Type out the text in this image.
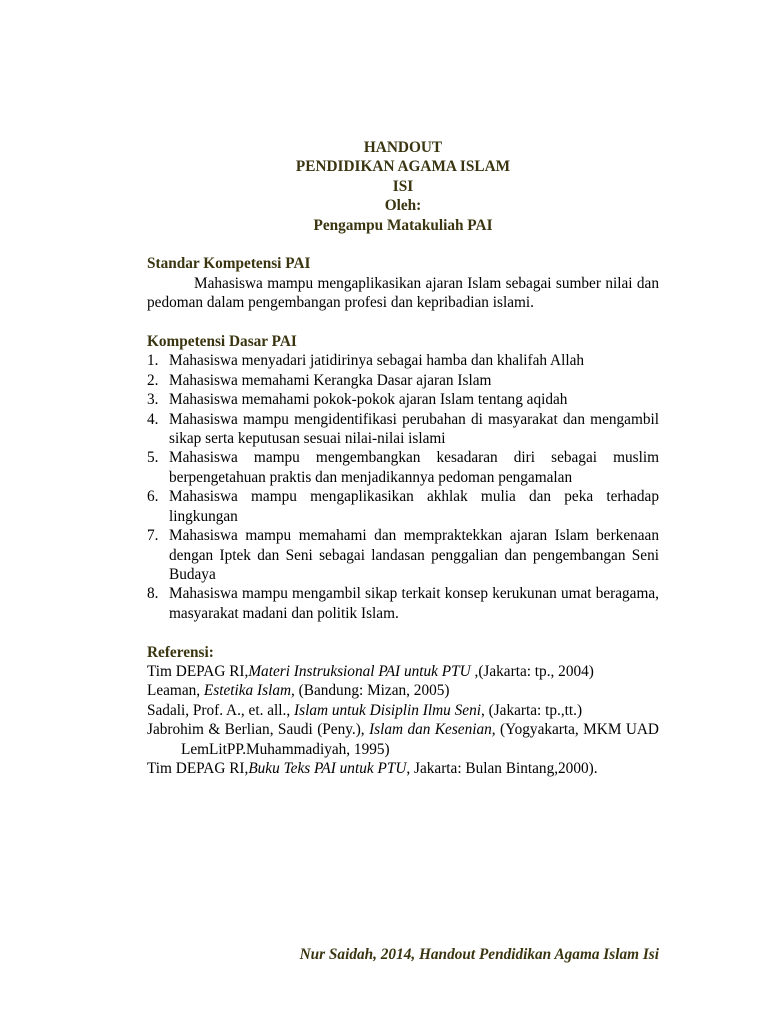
HANDOUT
PENDIDIKAN AGAMA ISLAM
ISI
Oleh:
Pengampu Matakuliah PAI
Standar Kompetensi PAI
Mahasiswa mampu mengaplikasikan ajaran Islam sebagai sumber nilai dan pedoman dalam pengembangan profesi dan kepribadian islami.
Kompetensi Dasar PAI
1. Mahasiswa menyadari jatidirinya sebagai hamba dan khalifah Allah
2. Mahasiswa memahami Kerangka Dasar ajaran Islam
3. Mahasiswa memahami pokok-pokok ajaran Islam tentang aqidah
4. Mahasiswa mampu mengidentifikasi perubahan di masyarakat dan mengambil sikap serta keputusan sesuai nilai-nilai islami
5. Mahasiswa mampu mengembangkan kesadaran diri sebagai muslim berpengetahuan praktis dan menjadikannya pedoman pengamalan
6. Mahasiswa mampu mengaplikasikan akhlak mulia dan peka terhadap lingkungan
7. Mahasiswa mampu memahami dan mempraktekkan ajaran Islam berkenaan dengan Iptek dan Seni sebagai landasan penggalian dan pengembangan Seni Budaya
8. Mahasiswa mampu mengambil sikap terkait konsep kerukunan umat beragama, masyarakat madani dan politik Islam.
Referensi:
Tim DEPAG RI,Materi Instruksional PAI untuk PTU ,(Jakarta: tp., 2004)
Leaman, Estetika Islam, (Bandung: Mizan, 2005)
Sadali, Prof. A., et. all., Islam untuk Disiplin Ilmu Seni, (Jakarta: tp.,tt.)
Jabrohim & Berlian, Saudi (Peny.), Islam dan Kesenian, (Yogyakarta, MKM UAD LemLitPP.Muhammadiyah, 1995)
Tim DEPAG RI,Buku Teks PAI untuk PTU, Jakarta: Bulan Bintang,2000).
Nur Saidah, 2014, Handout Pendidikan Agama Islam Isi
